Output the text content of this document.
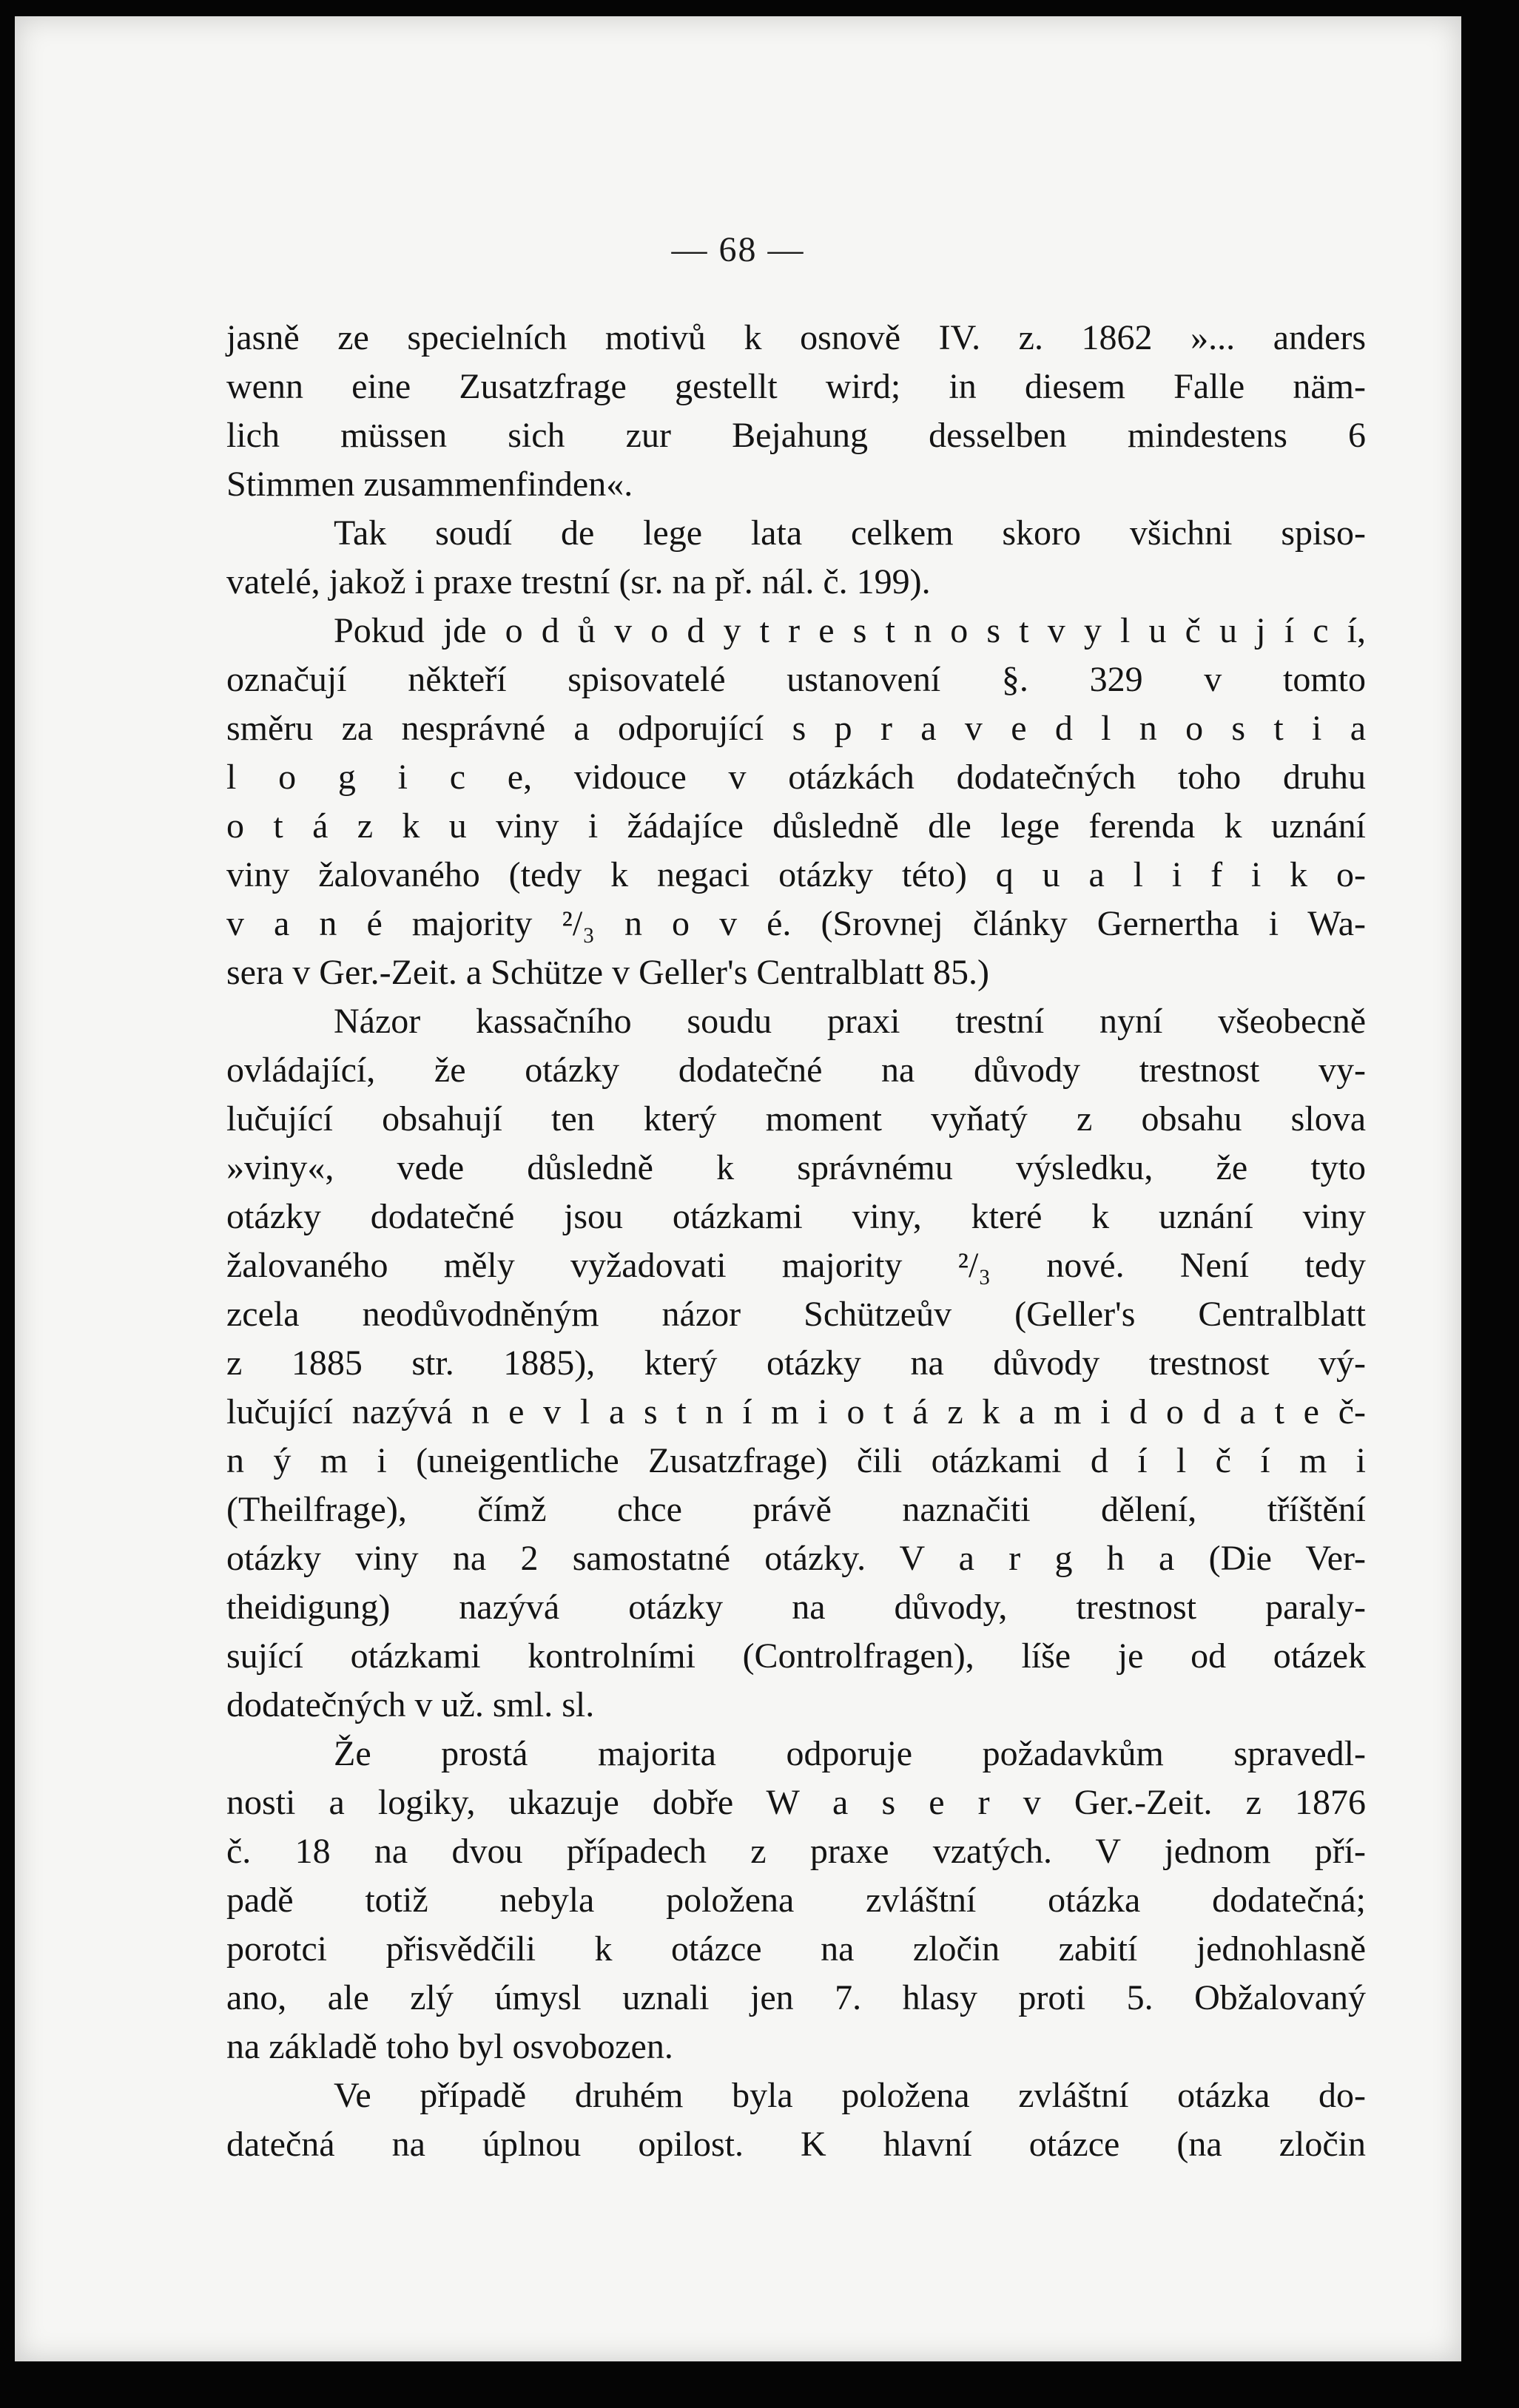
— 68 —
jasně ze specielních motivů k osnově IV. z. 1862 »... anders
wenn eine Zusatzfrage gestellt wird; in diesem Falle näm-
lich müssen sich zur Bejahung desselben mindestens 6
Stimmen zusammenfinden«.
Tak soudí de lege lata celkem skoro všichni spiso-
vatelé, jakož i praxe trestní (sr. na př. nál. č. 199).
Pokud jde o d ů v o d y t r e s t n o s t v y l u č u j í c í,
označují někteří spisovatelé ustanovení §. 329 v tomto
směru za nesprávné a odporující s p r a v e d l n o s t i a
l o g i c e, vidouce v otázkách dodatečných toho druhu
o t á z k u viny i žádajíce důsledně dle lege ferenda k uznání
viny žalovaného (tedy k negaci otázky této) q u a l i f i k o-
v a n é majority ²/₃ n o v é. (Srovnej články Gernertha i Wa-
sera v Ger.-Zeit. a Schütze v Geller's Centralblatt 85.)
Názor kassačního soudu praxi trestní nyní všeobecně
ovládající, že otázky dodatečné na důvody trestnost vy-
lučující obsahují ten který moment vyňatý z obsahu slova
»viny«, vede důsledně k správnému výsledku, že tyto
otázky dodatečné jsou otázkami viny, které k uznání viny
žalovaného měly vyžadovati majority ²/₃ nové. Není tedy
zcela neodůvodněným názor Schützeův (Geller's Centralblatt
z 1885 str. 1885), který otázky na důvody trestnost vý-
lučující nazývá n e v l a s t n í m i o t á z k a m i d o d a t e č-
n ý m i (uneigentliche Zusatzfrage) čili otázkami d í l č í m i
(Theilfrage), čímž chce právě naznačiti dělení, tříštění
otázky viny na 2 samostatné otázky. V a r g h a (Die Ver-
theidigung) nazývá otázky na důvody, trestnost paraly-
sující otázkami kontrolními (Controlfragen), líše je od otázek
dodatečných v už. sml. sl.
Že prostá majorita odporuje požadavkům spravedl-
nosti a logiky, ukazuje dobře W a s e r v Ger.-Zeit. z 1876
č. 18 na dvou případech z praxe vzatých. V jednom pří-
padě totiž nebyla položena zvláštní otázka dodatečná;
porotci přisvědčili k otázce na zločin zabití jednohlasně
ano, ale zlý úmysl uznali jen 7. hlasy proti 5. Obžalovaný
na základě toho byl osvobozen.
Ve případě druhém byla položena zvláštní otázka do-
datečná na úplnou opilost. K hlavní otázce (na zločin
